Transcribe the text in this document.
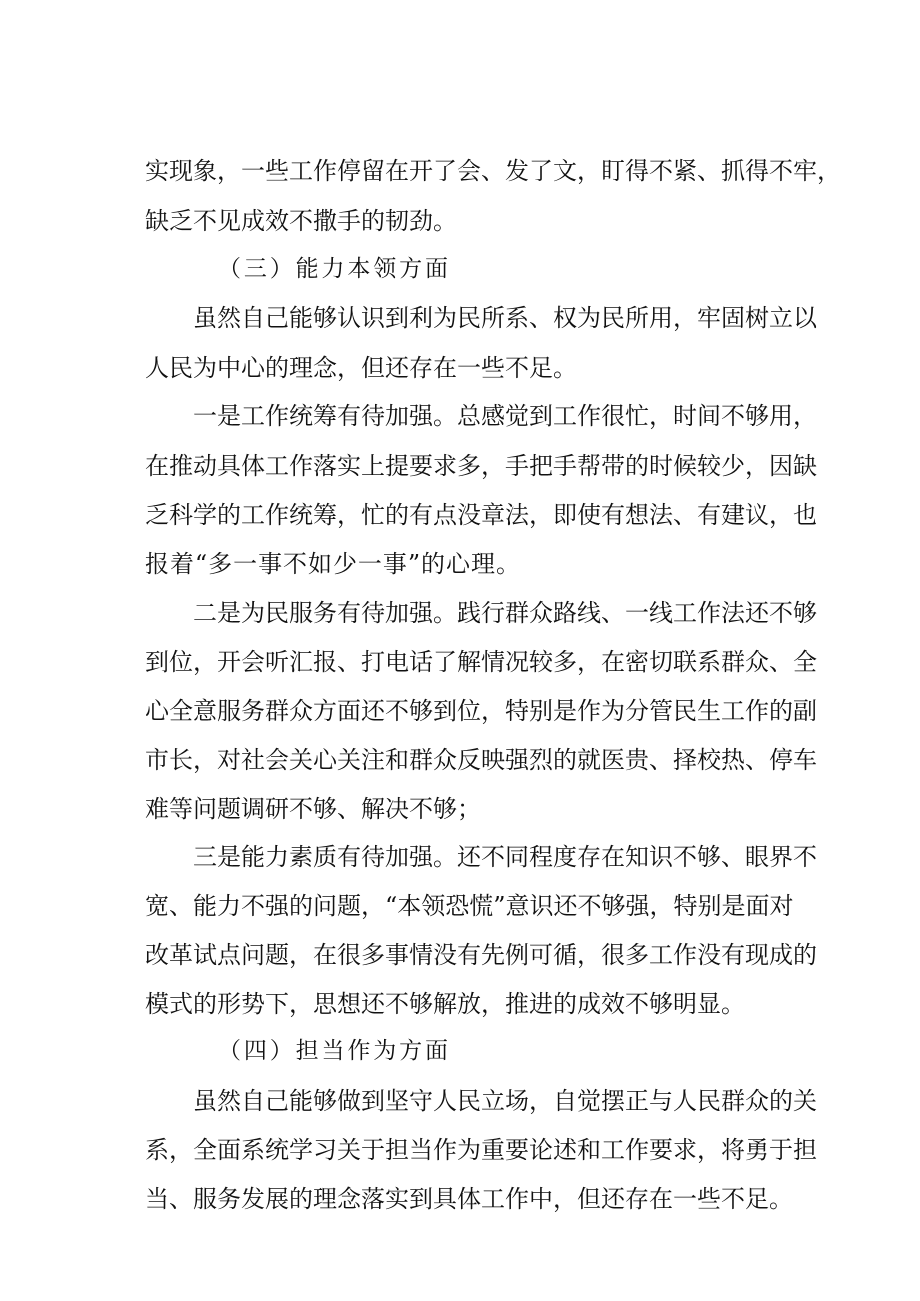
实现象，一些工作停留在开了会、发了文，盯得不紧、抓得不牢，
缺乏不见成效不撒手的韧劲。
（三）能力本领方面
虽然自己能够认识到利为民所系、权为民所用，牢固树立以
人民为中心的理念，但还存在一些不足。
一是工作统筹有待加强。总感觉到工作很忙，时间不够用，
在推动具体工作落实上提要求多，手把手帮带的时候较少，因缺
乏科学的工作统筹，忙的有点没章法，即使有想法、有建议，也
报着“多一事不如少一事”的心理。
二是为民服务有待加强。践行群众路线、一线工作法还不够
到位，开会听汇报、打电话了解情况较多，在密切联系群众、全
心全意服务群众方面还不够到位，特别是作为分管民生工作的副
市长，对社会关心关注和群众反映强烈的就医贵、择校热、停车
难等问题调研不够、解决不够；
三是能力素质有待加强。还不同程度存在知识不够、眼界不
宽、能力不强的问题，“本领恐慌”意识还不够强，特别是面对
改革试点问题，在很多事情没有先例可循，很多工作没有现成的
模式的形势下，思想还不够解放，推进的成效不够明显。
（四）担当作为方面
虽然自己能够做到坚守人民立场，自觉摆正与人民群众的关
系，全面系统学习关于担当作为重要论述和工作要求，将勇于担
当、服务发展的理念落实到具体工作中，但还存在一些不足。
